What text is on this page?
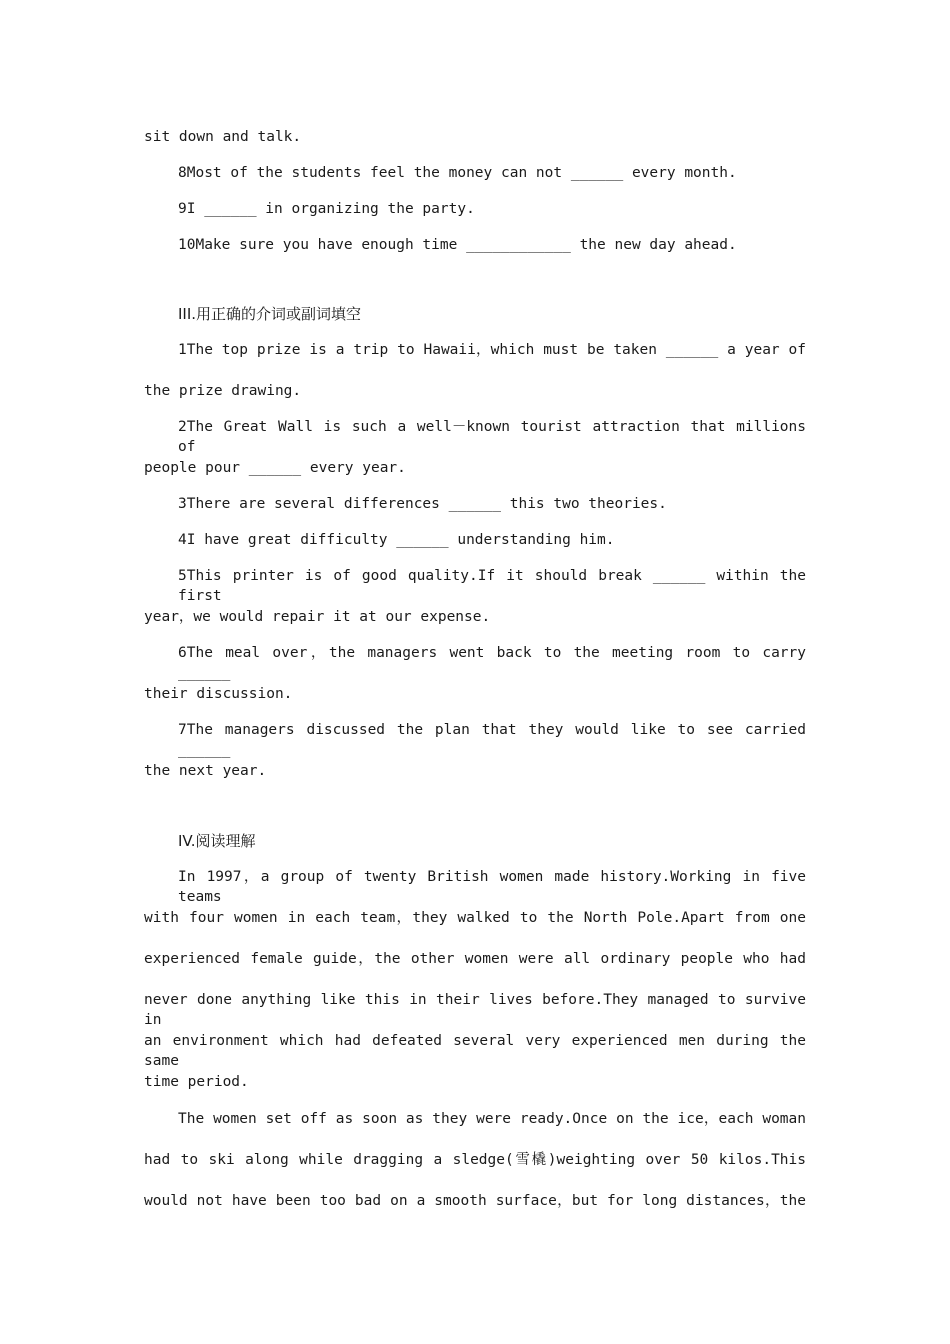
sit down and talk.
8Most of the students feel the money can not ______ every month.
9I ______ in organizing the party.
10Make sure you have enough time ____________ the new day ahead.
III.用正确的介词或副词填空
1The top prize is a trip to Hawaii，which must be taken ______ a year of
the prize drawing.
2The Great Wall is such a well－known tourist attraction that millions of
people pour ______ every year.
3There are several differences ______ this two theories.
4I have great difficulty ______ understanding him.
5This printer is of good quality.If it should break ______ within the first
year，we would repair it at our expense.
6The meal over，the managers went back to the meeting room to carry ______
their discussion.
7The managers discussed the plan that they would like to see carried ______
the next year.
IV.阅读理解
In 1997，a group of twenty British women made history.Working in five teams
with four women in each team，they walked to the North Pole.Apart from one
experienced female guide，the other women were all ordinary people who had
never done anything like this in their lives before.They managed to survive in
an environment which had defeated several very experienced men during the same
time period.
The women set off as soon as they were ready.Once on the ice，each woman
had to ski along while dragging a sledge(雪橇)weighting over 50 kilos.This
would not have been too bad on a smooth surface，but for long distances，the
